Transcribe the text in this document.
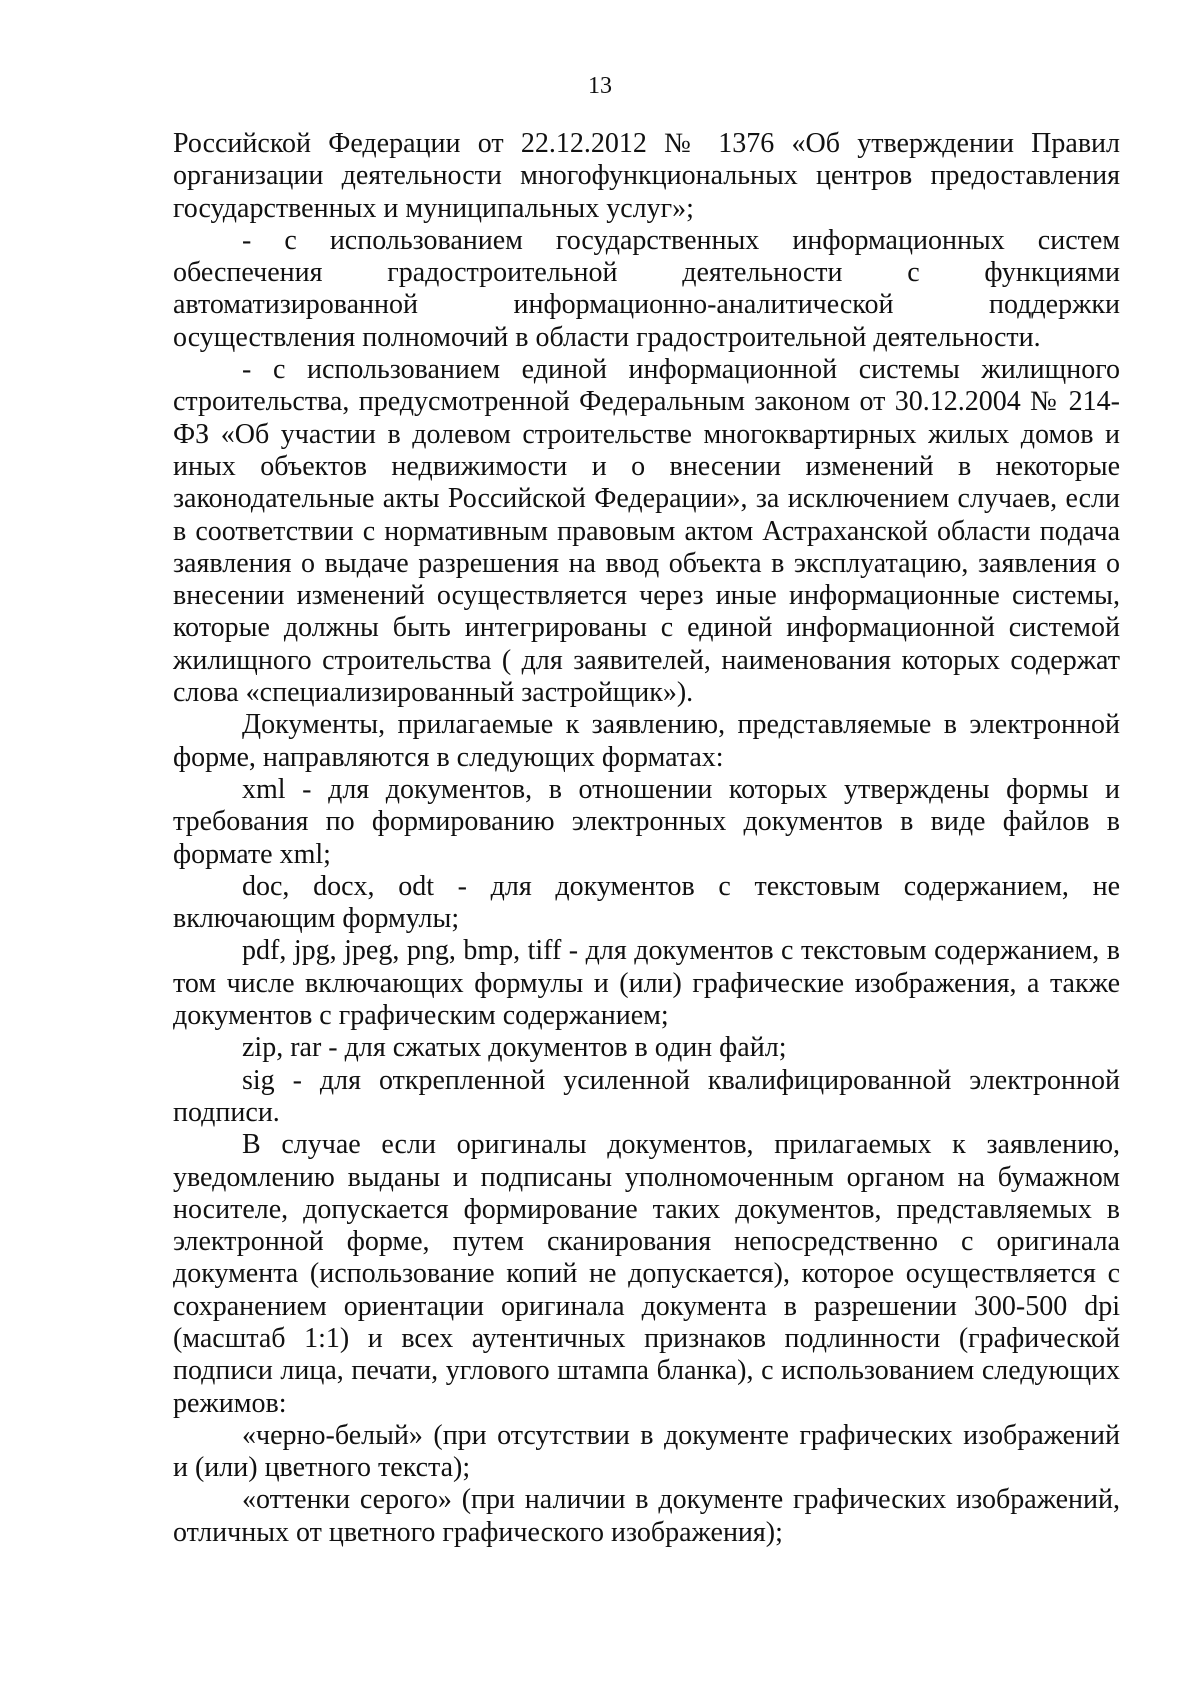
13

Российской Федерации от 22.12.2012 № 1376 «Об утверждении Правил организации деятельности многофункциональных центров предоставления государственных и муниципальных услуг»;

- с использованием государственных информационных систем обеспечения градостроительной деятельности с функциями автоматизированной информационно-аналитической поддержки осуществления полномочий в области градостроительной деятельности.

- с использованием единой информационной системы жилищного строительства, предусмотренной Федеральным законом от 30.12.2004 № 214-ФЗ «Об участии в долевом строительстве многоквартирных жилых домов и иных объектов недвижимости и о внесении изменений в некоторые законодательные акты Российской Федерации», за исключением случаев, если в соответствии с нормативным правовым актом Астраханской области подача заявления о выдаче разрешения на ввод объекта в эксплуатацию, заявления о внесении изменений осуществляется через иные информационные системы, которые должны быть интегрированы с единой информационной системой жилищного строительства ( для заявителей, наименования которых содержат слова «специализированный застройщик»).

Документы, прилагаемые к заявлению, представляемые в электронной форме, направляются в следующих форматах:

xml - для документов, в отношении которых утверждены формы и требования по формированию электронных документов в виде файлов в формате xml;

doc, docx, odt - для документов с текстовым содержанием, не включающим формулы;

pdf, jpg, jpeg, png, bmp, tiff - для документов с текстовым содержанием, в том числе включающих формулы и (или) графические изображения, а также документов с графическим содержанием;

zip, rar - для сжатых документов в один файл;

sig - для открепленной усиленной квалифицированной электронной подписи.

В случае если оригиналы документов, прилагаемых к заявлению, уведомлению выданы и подписаны уполномоченным органом на бумажном носителе, допускается формирование таких документов, представляемых в электронной форме, путем сканирования непосредственно с оригинала документа (использование копий не допускается), которое осуществляется с сохранением ориентации оригинала документа в разрешении 300-500 dpi (масштаб 1:1) и всех аутентичных признаков подлинности (графической подписи лица, печати, углового штампа бланка), с использованием следующих режимов:

«черно-белый» (при отсутствии в документе графических изображений и (или) цветного текста);

«оттенки серого» (при наличии в документе графических изображений, отличных от цветного графического изображения);
